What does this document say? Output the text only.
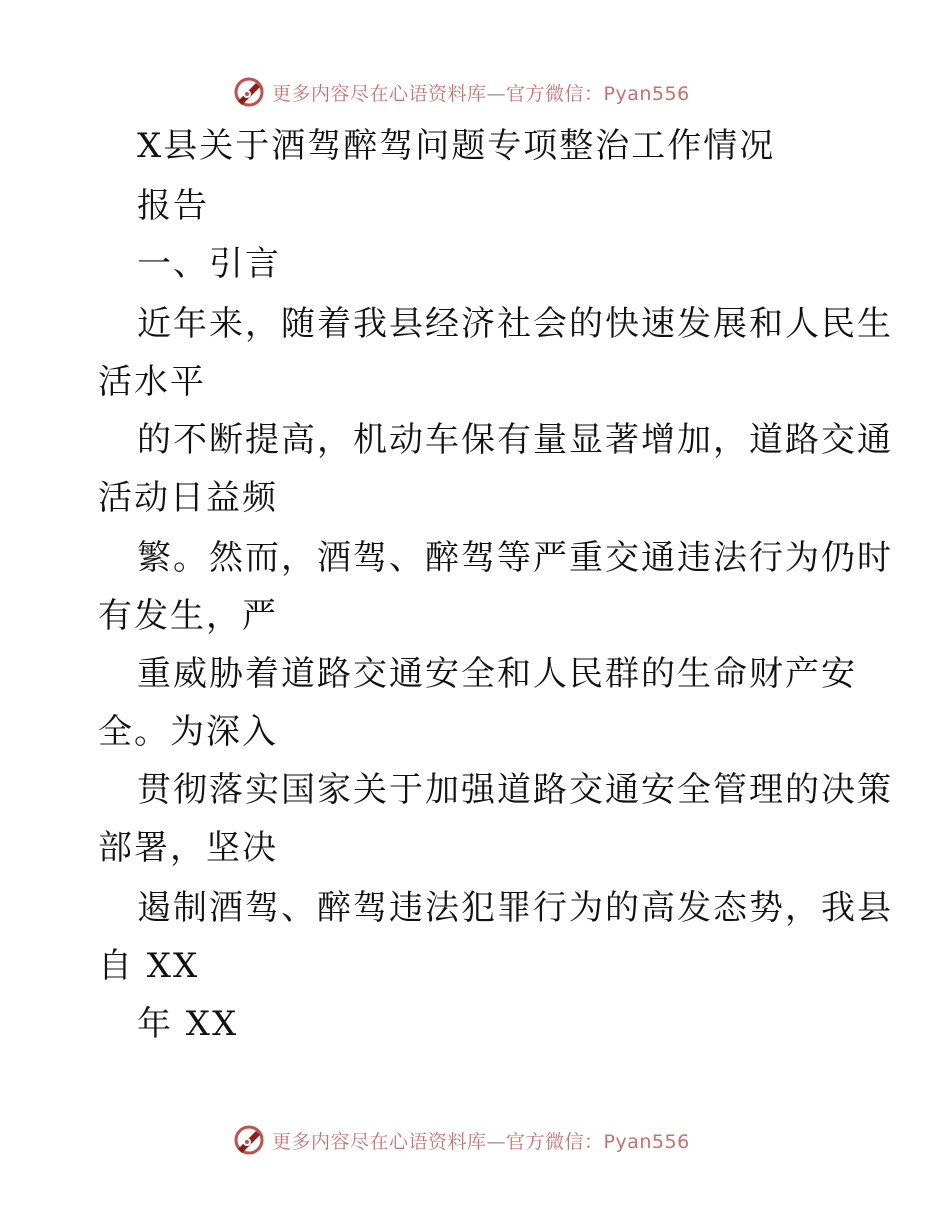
更多内容尽在心语资料库—官方微信：Pyan556
X县关于酒驾醉驾问题专项整治工作情况
报告
一、引言
近年来，随着我县经济社会的快速发展和人民生
活水平
的不断提高，机动车保有量显著增加，道路交通
活动日益频
繁。然而，酒驾、醉驾等严重交通违法行为仍时
有发生，严
重威胁着道路交通安全和人民群的生命财产安
全。为深入
贯彻落实国家关于加强道路交通安全管理的决策
部署，坚决
遏制酒驾、醉驾违法犯罪行为的高发态势，我县
自 XX
年 XX
更多内容尽在心语资料库—官方微信：Pyan556
